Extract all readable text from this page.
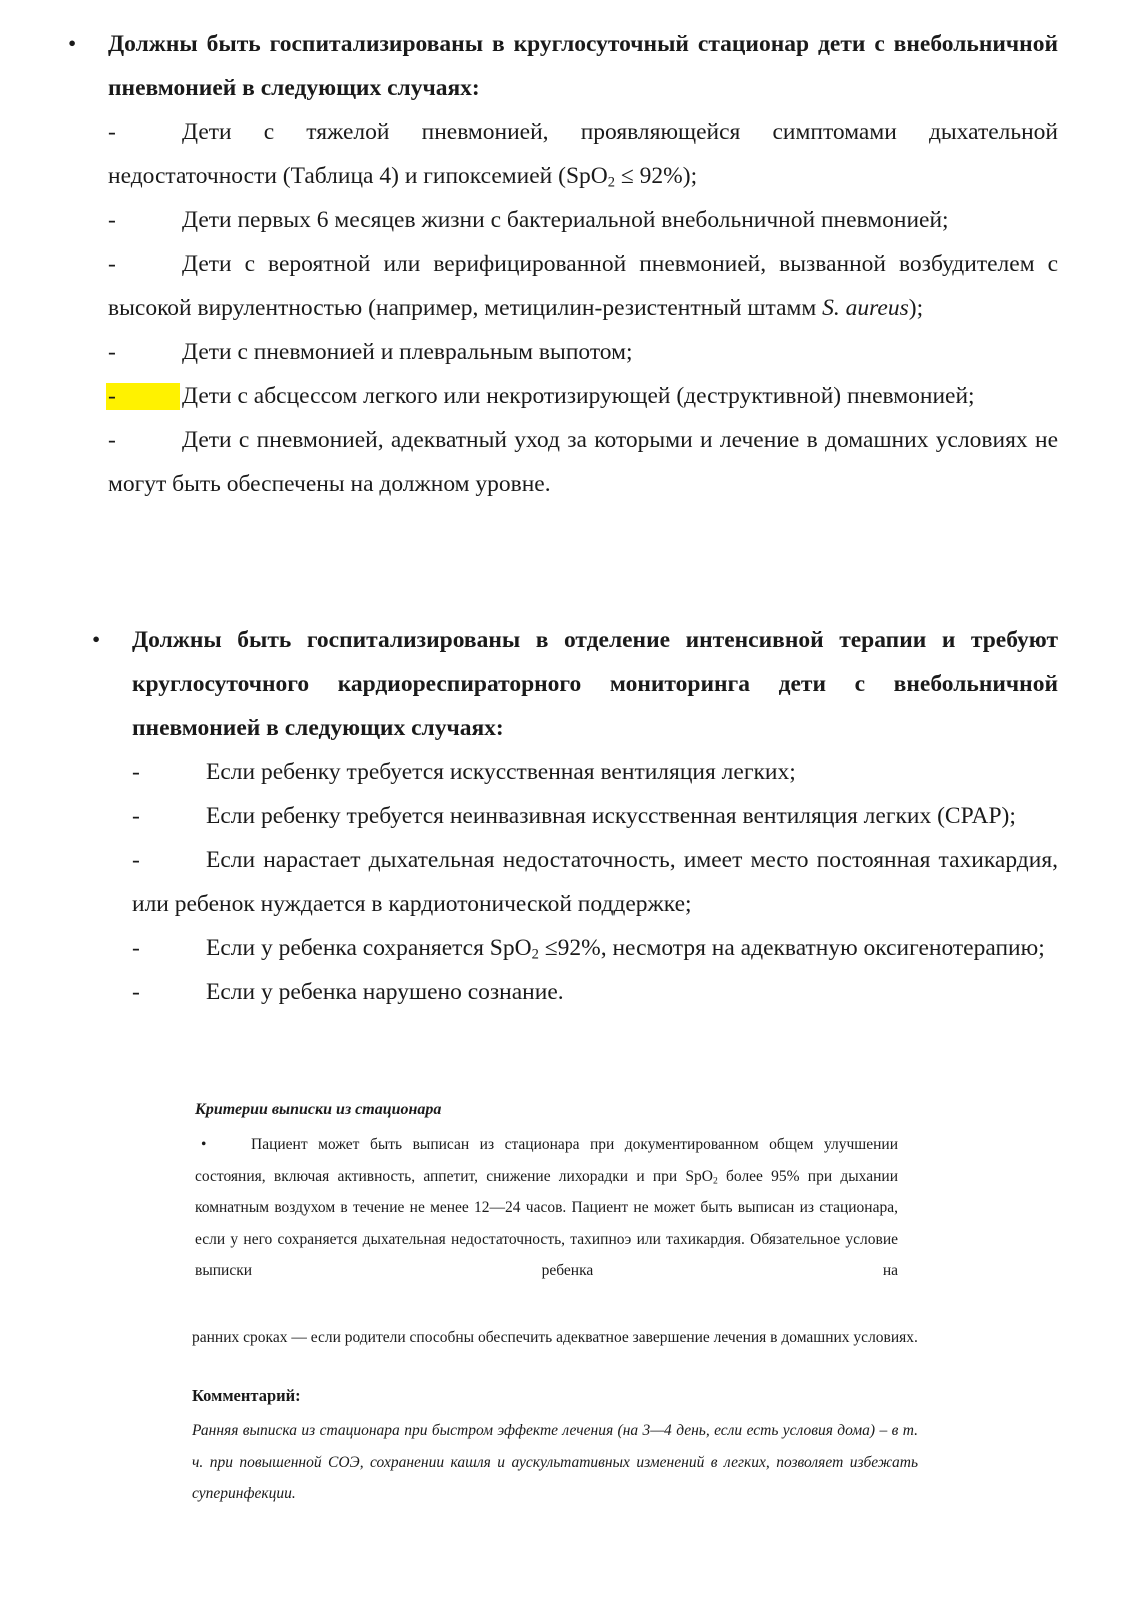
• Должны быть госпитализированы в круглосуточный стационар дети с внебольничной пневмонией в следующих случаях:
-	Дети с тяжелой пневмонией, проявляющейся симптомами дыхательной недостаточности (Таблица 4) и гипоксемией (SpO$_2$ ≤ 92%);
-	Дети первых 6 месяцев жизни с бактериальной внебольничной пневмонией;
-	Дети с вероятной или верифицированной пневмонией, вызванной возбудителем с высокой вирулентностью (например, метицилин-резистентный штамм S. aureus);
-	Дети с пневмонией и плевральным выпотом;
-	Дети с абсцессом легкого или некротизирующей (деструктивной) пневмонией;
-	Дети с пневмонией, адекватный уход за которыми и лечение в домашних условиях не могут быть обеспечены на должном уровне.
• Должны быть госпитализированы в отделение интенсивной терапии и требуют круглосуточного кардиореспираторного мониторинга дети с внебольничной пневмонией в следующих случаях:
-	Если ребенку требуется искусственная вентиляция легких;
-	Если ребенку требуется неинвазивная искусственная вентиляция легких (CPAP);
-	Если нарастает дыхательная недостаточность, имеет место постоянная тахикардия, или ребенок нуждается в кардиотонической поддержке;
-	Если у ребенка сохраняется SpO$_2$ ≤92%, несмотря на адекватную оксигенотерапию;
-	Если у ребенка нарушено сознание.
Критерии выписки из стационара
•	Пациент может быть выписан из стационара при документированном общем улучшении состояния, включая активность, аппетит, снижение лихорадки и при SpO$_2$ более 95% при дыхании комнатным воздухом в течение не менее 12—24 часов. Пациент не может быть выписан из стационара, если у него сохраняется дыхательная недостаточность, тахипноэ или тахикардия. Обязательное условие выписки ребенка на
ранних сроках — если родители способны обеспечить адекватное завершение лечения в домашних условиях.
Комментарий:
Ранняя выписка из стационара при быстром эффекте лечения (на 3—4 день, если есть условия дома) – в т. ч. при повышенной СОЭ, сохранении кашля и аускультативных изменений в легких, позволяет избежать суперинфекции.
